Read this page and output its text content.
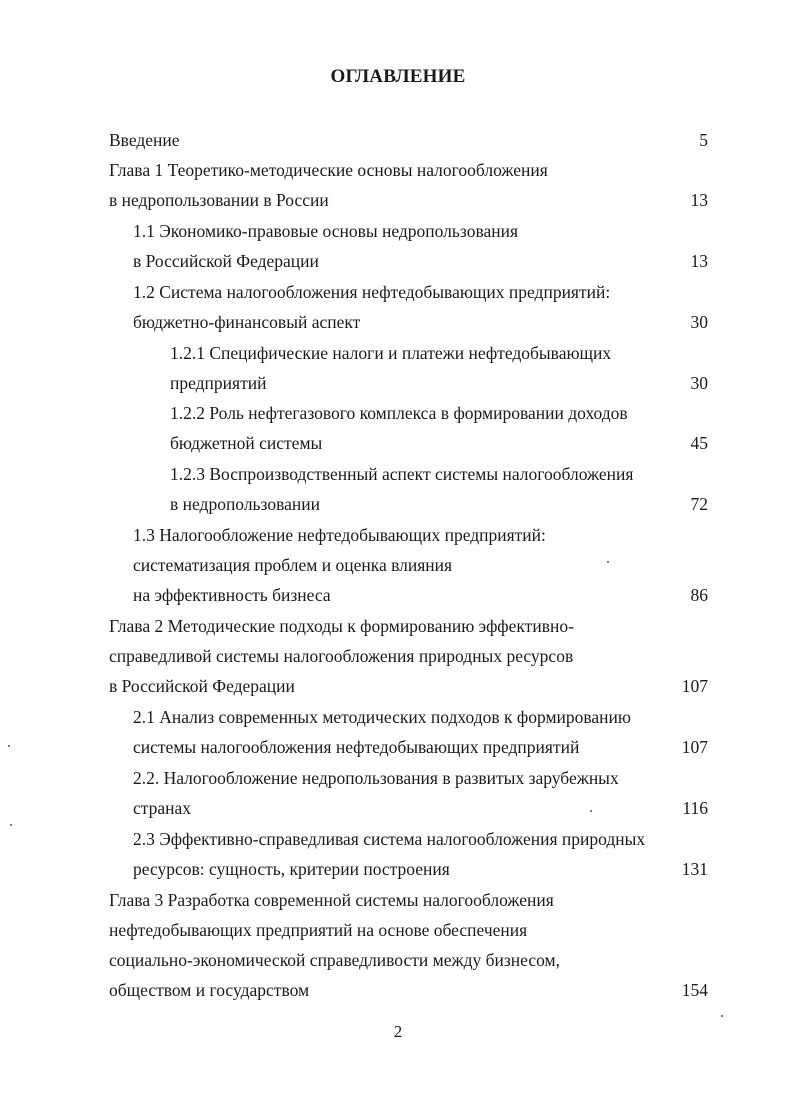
ОГЛАВЛЕНИЕ
Введение	5
Глава 1 Теоретико-методические основы налогообложения
в недропользовании в России	13
1.1 Экономико-правовые основы недропользования
в Российской Федерации	13
1.2 Система налогообложения нефтедобывающих предприятий:
бюджетно-финансовый аспект	30
1.2.1 Специфические налоги и платежи нефтедобывающих
предприятий	30
1.2.2 Роль нефтегазового комплекса в формировании доходов
бюджетной системы	45
1.2.3 Воспроизводственный аспект системы налогообложения
в недропользовании	72
1.3 Налогообложение нефтедобывающих предприятий:
систематизация проблем и оценка влияния
на эффективность бизнеса	86
Глава 2 Методические подходы к формированию эффективно-
справедливой системы налогообложения природных ресурсов
в Российской Федерации	107
2.1 Анализ современных методических подходов к формированию
системы налогообложения нефтедобывающих предприятий	107
2.2. Налогообложение недропользования в развитых зарубежных
странах	116
2.3 Эффективно-справедливая система налогообложения природных
ресурсов: сущность, критерии построения	131
Глава 3 Разработка современной системы налогообложения
нефтедобывающих предприятий на основе обеспечения
социально-экономической справедливости между бизнесом,
обществом и государством	154
2
